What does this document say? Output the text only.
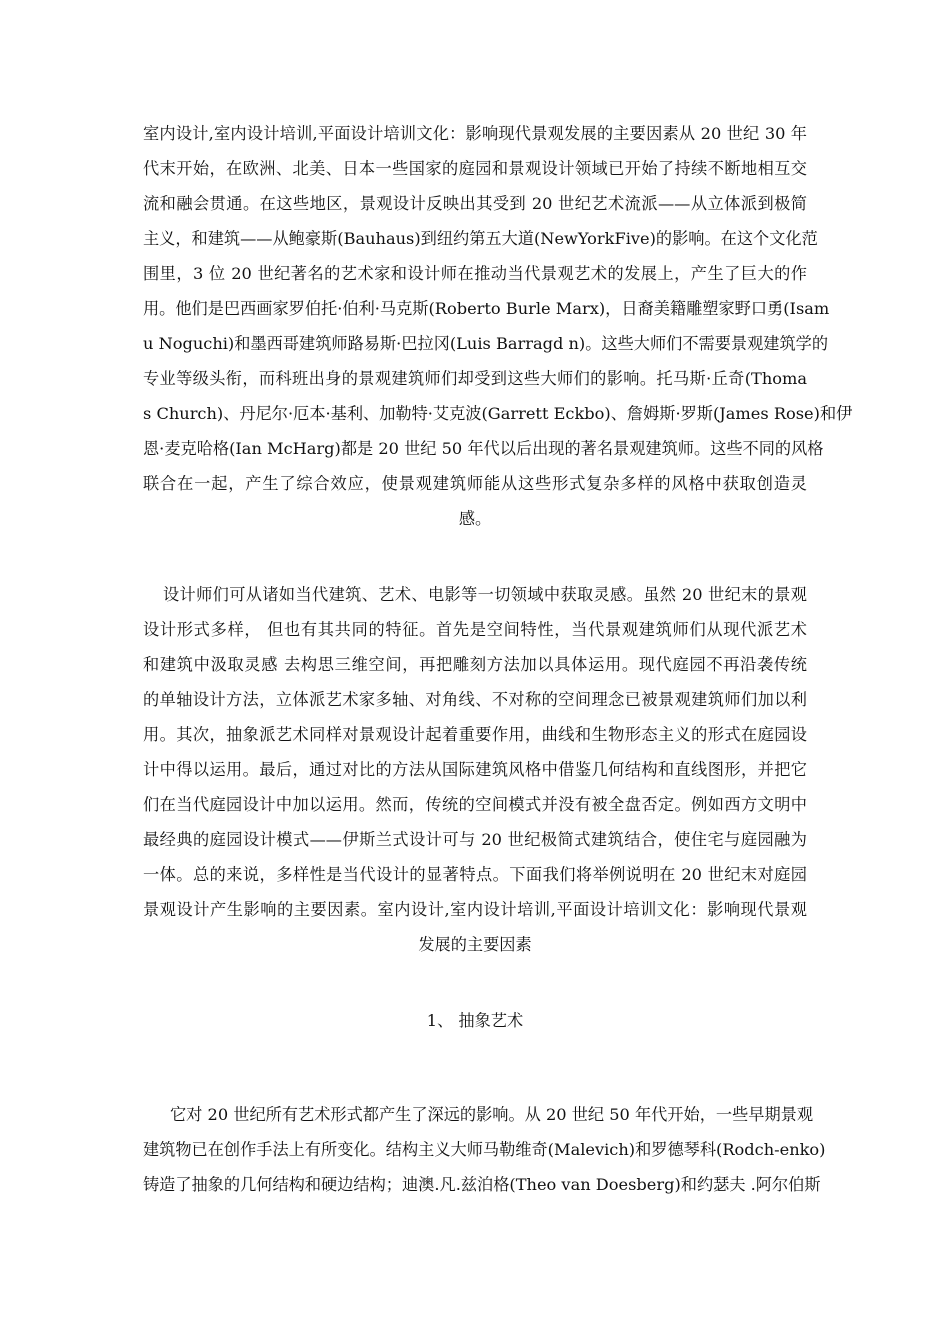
室内设计,室内设计培训,平面设计培训文化：影响现代景观发展的主要因素从 20 世纪 30 年
代末开始，在欧洲、北美、日本一些国家的庭园和景观设计领域已开始了持续不断地相互交
流和融会贯通。在这些地区，景观设计反映出其受到 20 世纪艺术流派——从立体派到极简
主义，和建筑——从鲍豪斯(Bauhaus)到纽约第五大道(NewYorkFive)的影响。在这个文化范
围里，3 位 20 世纪著名的艺术家和设计师在推动当代景观艺术的发展上，产生了巨大的作
用。他们是巴西画家罗伯托·伯利·马克斯(Roberto Burle Marx)，日裔美籍雕塑家野口勇(Isam
u Noguchi)和墨西哥建筑师路易斯·巴拉冈(Luis Barragd n)。这些大师们不需要景观建筑学的
专业等级头衔，而科班出身的景观建筑师们却受到这些大师们的影响。托马斯·丘奇(Thoma
s Church)、丹尼尔·厄本·基利、加勒特·艾克波(Garrett Eckbo)、詹姆斯·罗斯(James Rose)和伊
恩·麦克哈格(Ian McHarg)都是 20 世纪 50 年代以后出现的著名景观建筑师。这些不同的风格
联合在一起，产生了综合效应，使景观建筑师能从这些形式复杂多样的风格中获取创造灵
感。
设计师们可从诸如当代建筑、艺术、电影等一切领域中获取灵感。虽然 20 世纪末的景观
设计形式多样， 但也有其共同的特征。首先是空间特性，当代景观建筑师们从现代派艺术
和建筑中汲取灵感 去构思三维空间，再把雕刻方法加以具体运用。现代庭园不再沿袭传统
的单轴设计方法，立体派艺术家多轴、对角线、不对称的空间理念已被景观建筑师们加以利
用。其次，抽象派艺术同样对景观设计起着重要作用，曲线和生物形态主义的形式在庭园设
计中得以运用。最后，通过对比的方法从国际建筑风格中借鉴几何结构和直线图形，并把它
们在当代庭园设计中加以运用。然而，传统的空间模式并没有被全盘否定。例如西方文明中
最经典的庭园设计模式——伊斯兰式设计可与 20 世纪极简式建筑结合，使住宅与庭园融为
一体。总的来说，多样性是当代设计的显著特点。下面我们将举例说明在 20 世纪末对庭园
景观设计产生影响的主要因素。室内设计,室内设计培训,平面设计培训文化：影响现代景观
发展的主要因素
1、 抽象艺术
它对 20 世纪所有艺术形式都产生了深远的影响。从 20 世纪 50 年代开始，一些早期景观
建筑物已在创作手法上有所变化。结构主义大师马勒维奇(Malevich)和罗德琴科(Rodch-enko)
铸造了抽象的几何结构和硬边结构；迪澳.凡.兹泊格(Theo van Doesberg)和约瑟夫 .阿尔伯斯
